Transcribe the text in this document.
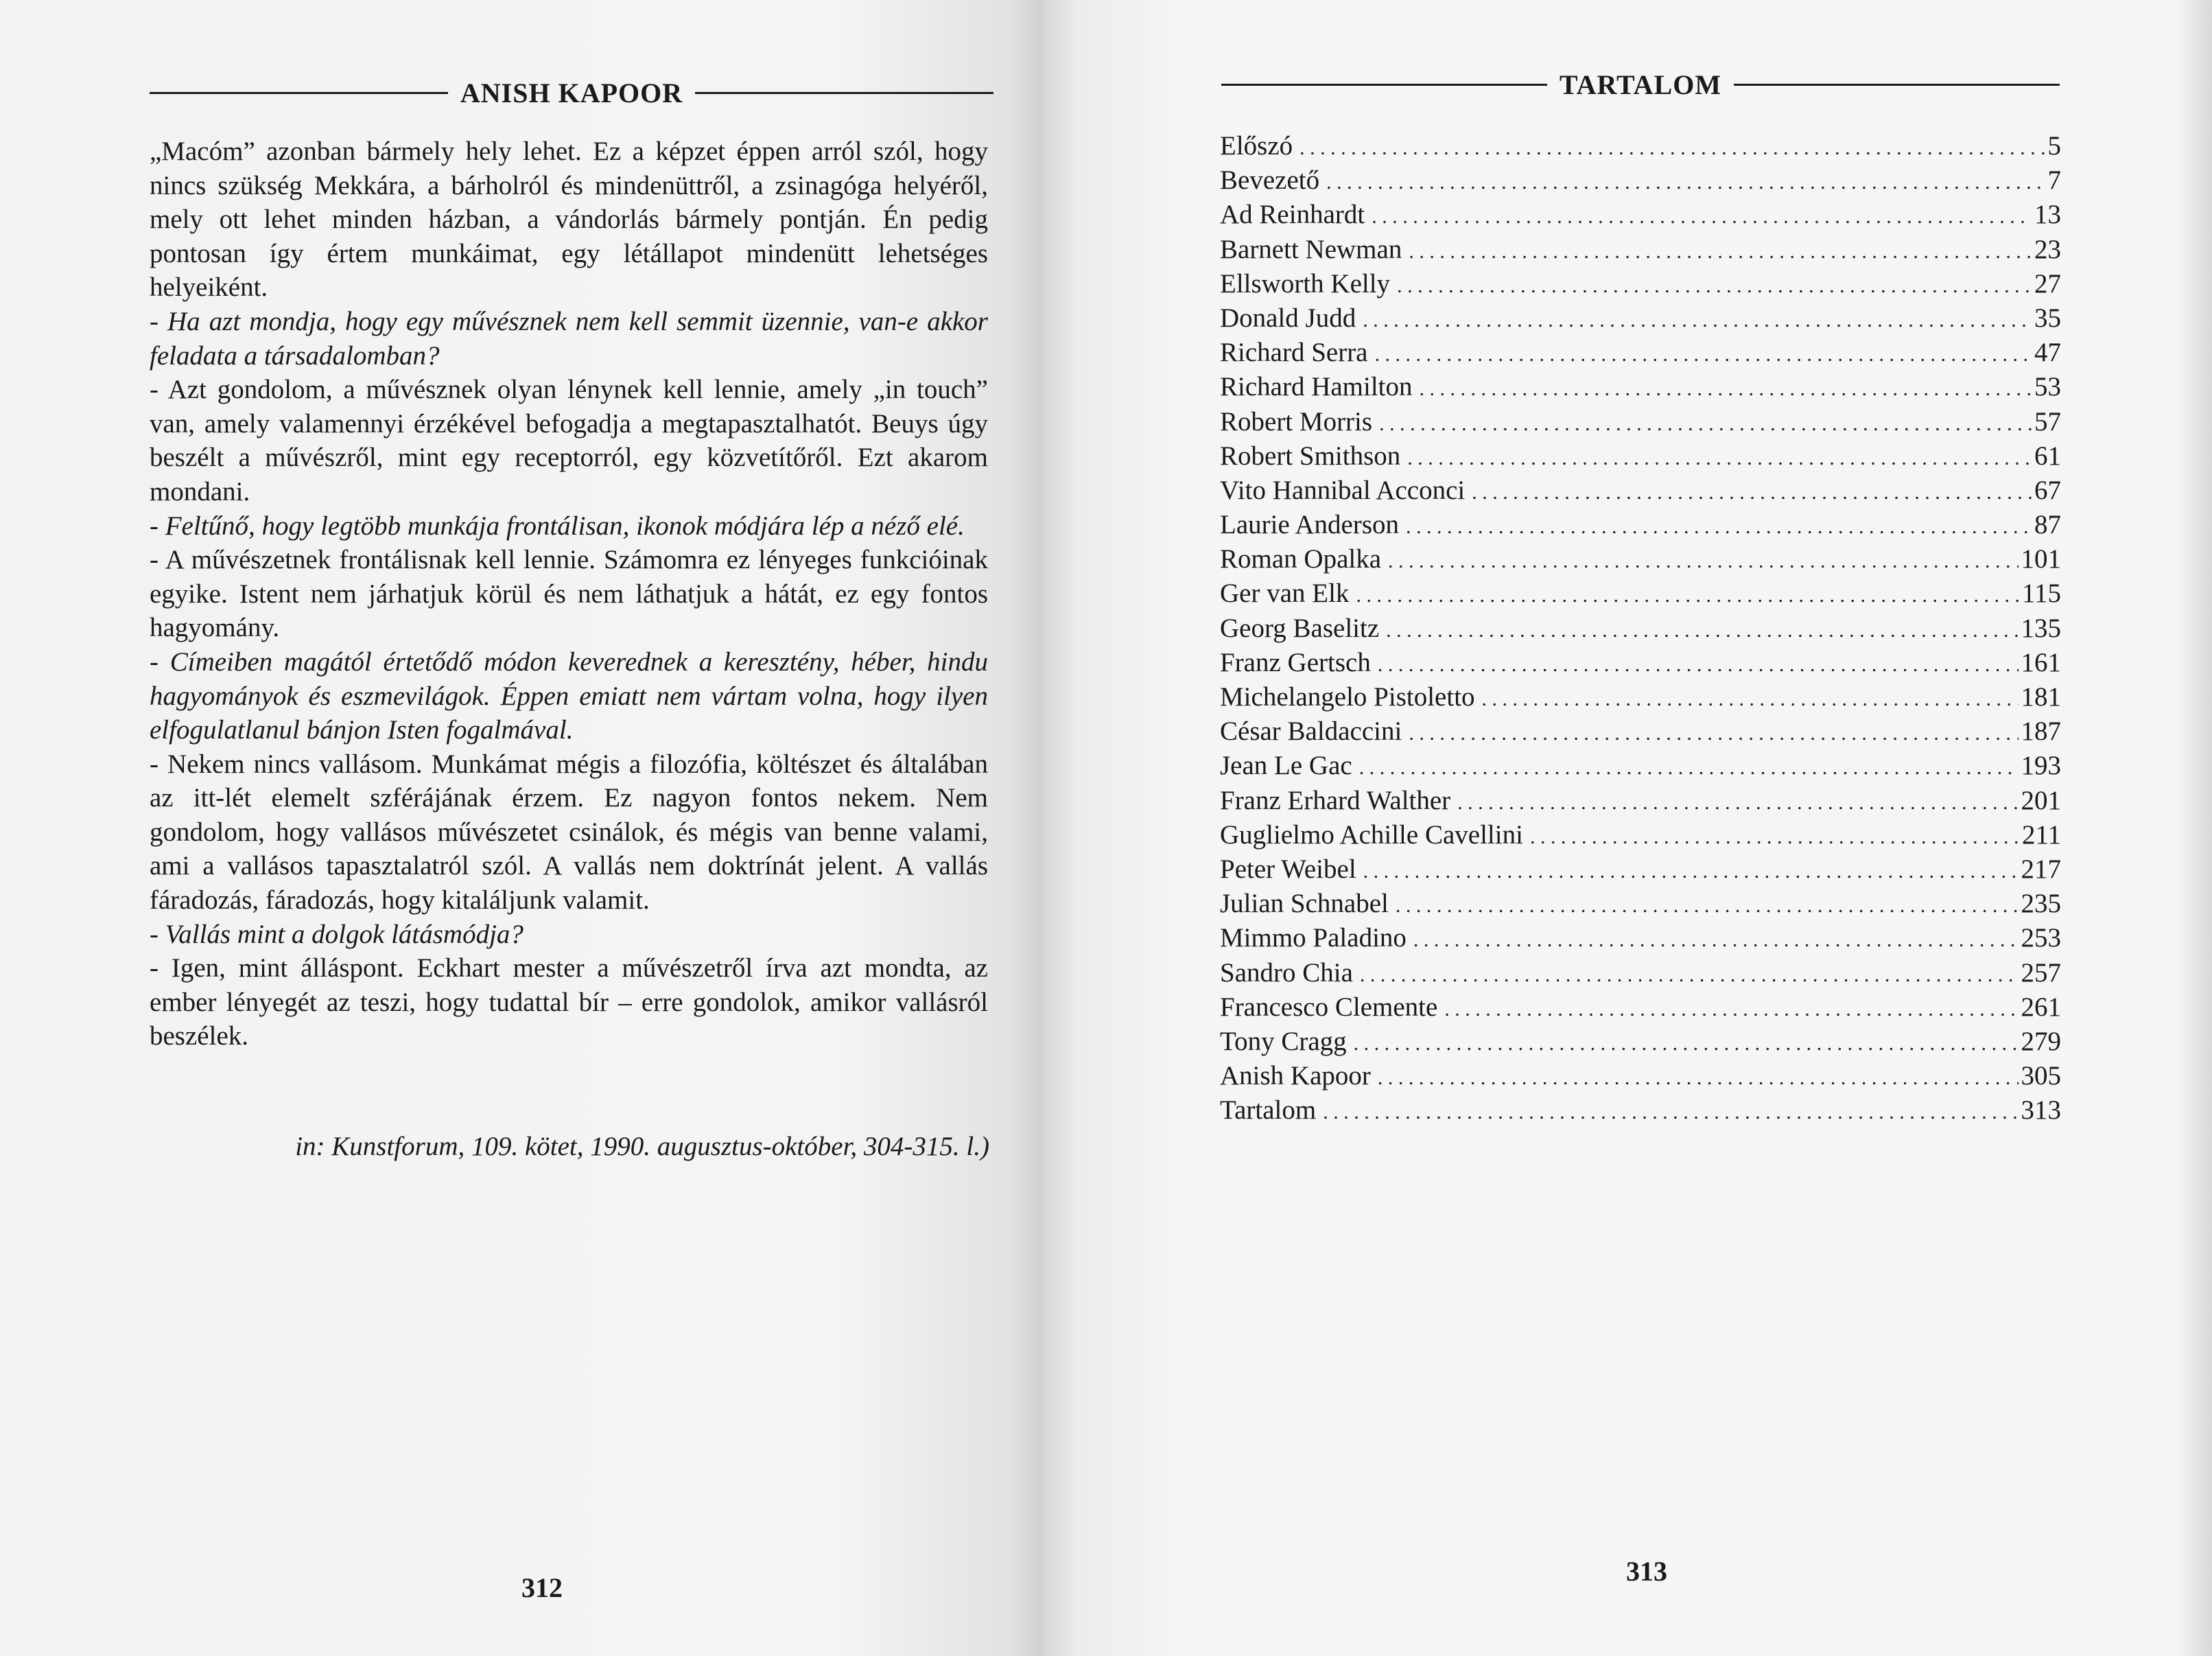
ANISH KAPOOR

„Macóm” azonban bármely hely lehet. Ez a képzet éppen arról szól, hogy nincs szükség Mekkára, a bárholról és mindenüttről, a zsinagóga helyéről, mely ott lehet minden házban, a vándorlás bármely pontján. Én pedig pontosan így értem munkáimat, egy létállapot mindenütt lehetséges helyeiként.

- Ha azt mondja, hogy egy művésznek nem kell semmit üzennie, van-e akkor feladata a társadalomban?

- Azt gondolom, a művésznek olyan lénynek kell lennie, amely „in touch” van, amely valamennyi érzékével befogadja a megtapasztalhatót. Beuys úgy beszélt a művészről, mint egy receptorról, egy közvetítőről. Ezt akarom mondani.

- Feltűnő, hogy legtöbb munkája frontálisan, ikonok módjára lép a néző elé.

- A művészetnek frontálisnak kell lennie. Számomra ez lényeges funkcióinak egyike. Istent nem járhatjuk körül és nem láthatjuk a hátát, ez egy fontos hagyomány.

- Címeiben magától értetődő módon keverednek a keresztény, héber, hindu hagyományok és eszmevilágok. Éppen emiatt nem vártam volna, hogy ilyen elfogulatlanul bánjon Isten fogalmával.

- Nekem nincs vallásom. Munkámat mégis a filozófia, költészet és általában az itt-lét elemelt szférájának érzem. Ez nagyon fontos nekem. Nem gondolom, hogy vallásos művészetet csinálok, és mégis van benne valami, ami a vallásos tapasztalatról szól. A vallás nem doktrínát jelent. A vallás fáradozás, fáradozás, hogy kitaláljunk valamit.

- Vallás mint a dolgok látásmódja?

- Igen, mint álláspont. Eckhart mester a művészetről írva azt mondta, az ember lényegét az teszi, hogy tudattal bír – erre gondolok, amikor vallásról beszélek.

in: Kunstforum, 109. kötet, 1990. augusztus-október, 304-315. l.)
312
TARTALOM
Előszó . . .	5
Bevezető . . .	7
Ad Reinhardt . . .	13
Barnett Newman . . .	23
Ellsworth Kelly . . .	27
Donald Judd . . .	35
Richard Serra . . .	47
Richard Hamilton . . .	53
Robert Morris . . .	57
Robert Smithson . . .	61
Vito Hannibal Acconci . . .	67
Laurie Anderson . . .	87
Roman Opalka . . .	101
Ger van Elk . . .	115
Georg Baselitz . . .	135
Franz Gertsch . . .	161
Michelangelo Pistoletto . . .	181
César Baldaccini . . .	187
Jean Le Gac . . .	193
Franz Erhard Walther . . .	201
Guglielmo Achille Cavellini . . .	211
Peter Weibel . . .	217
Julian Schnabel . . .	235
Mimmo Paladino . . .	253
Sandro Chia . . .	257
Francesco Clemente . . .	261
Tony Cragg . . .	279
Anish Kapoor . . .	305
Tartalom . . .	313
313
